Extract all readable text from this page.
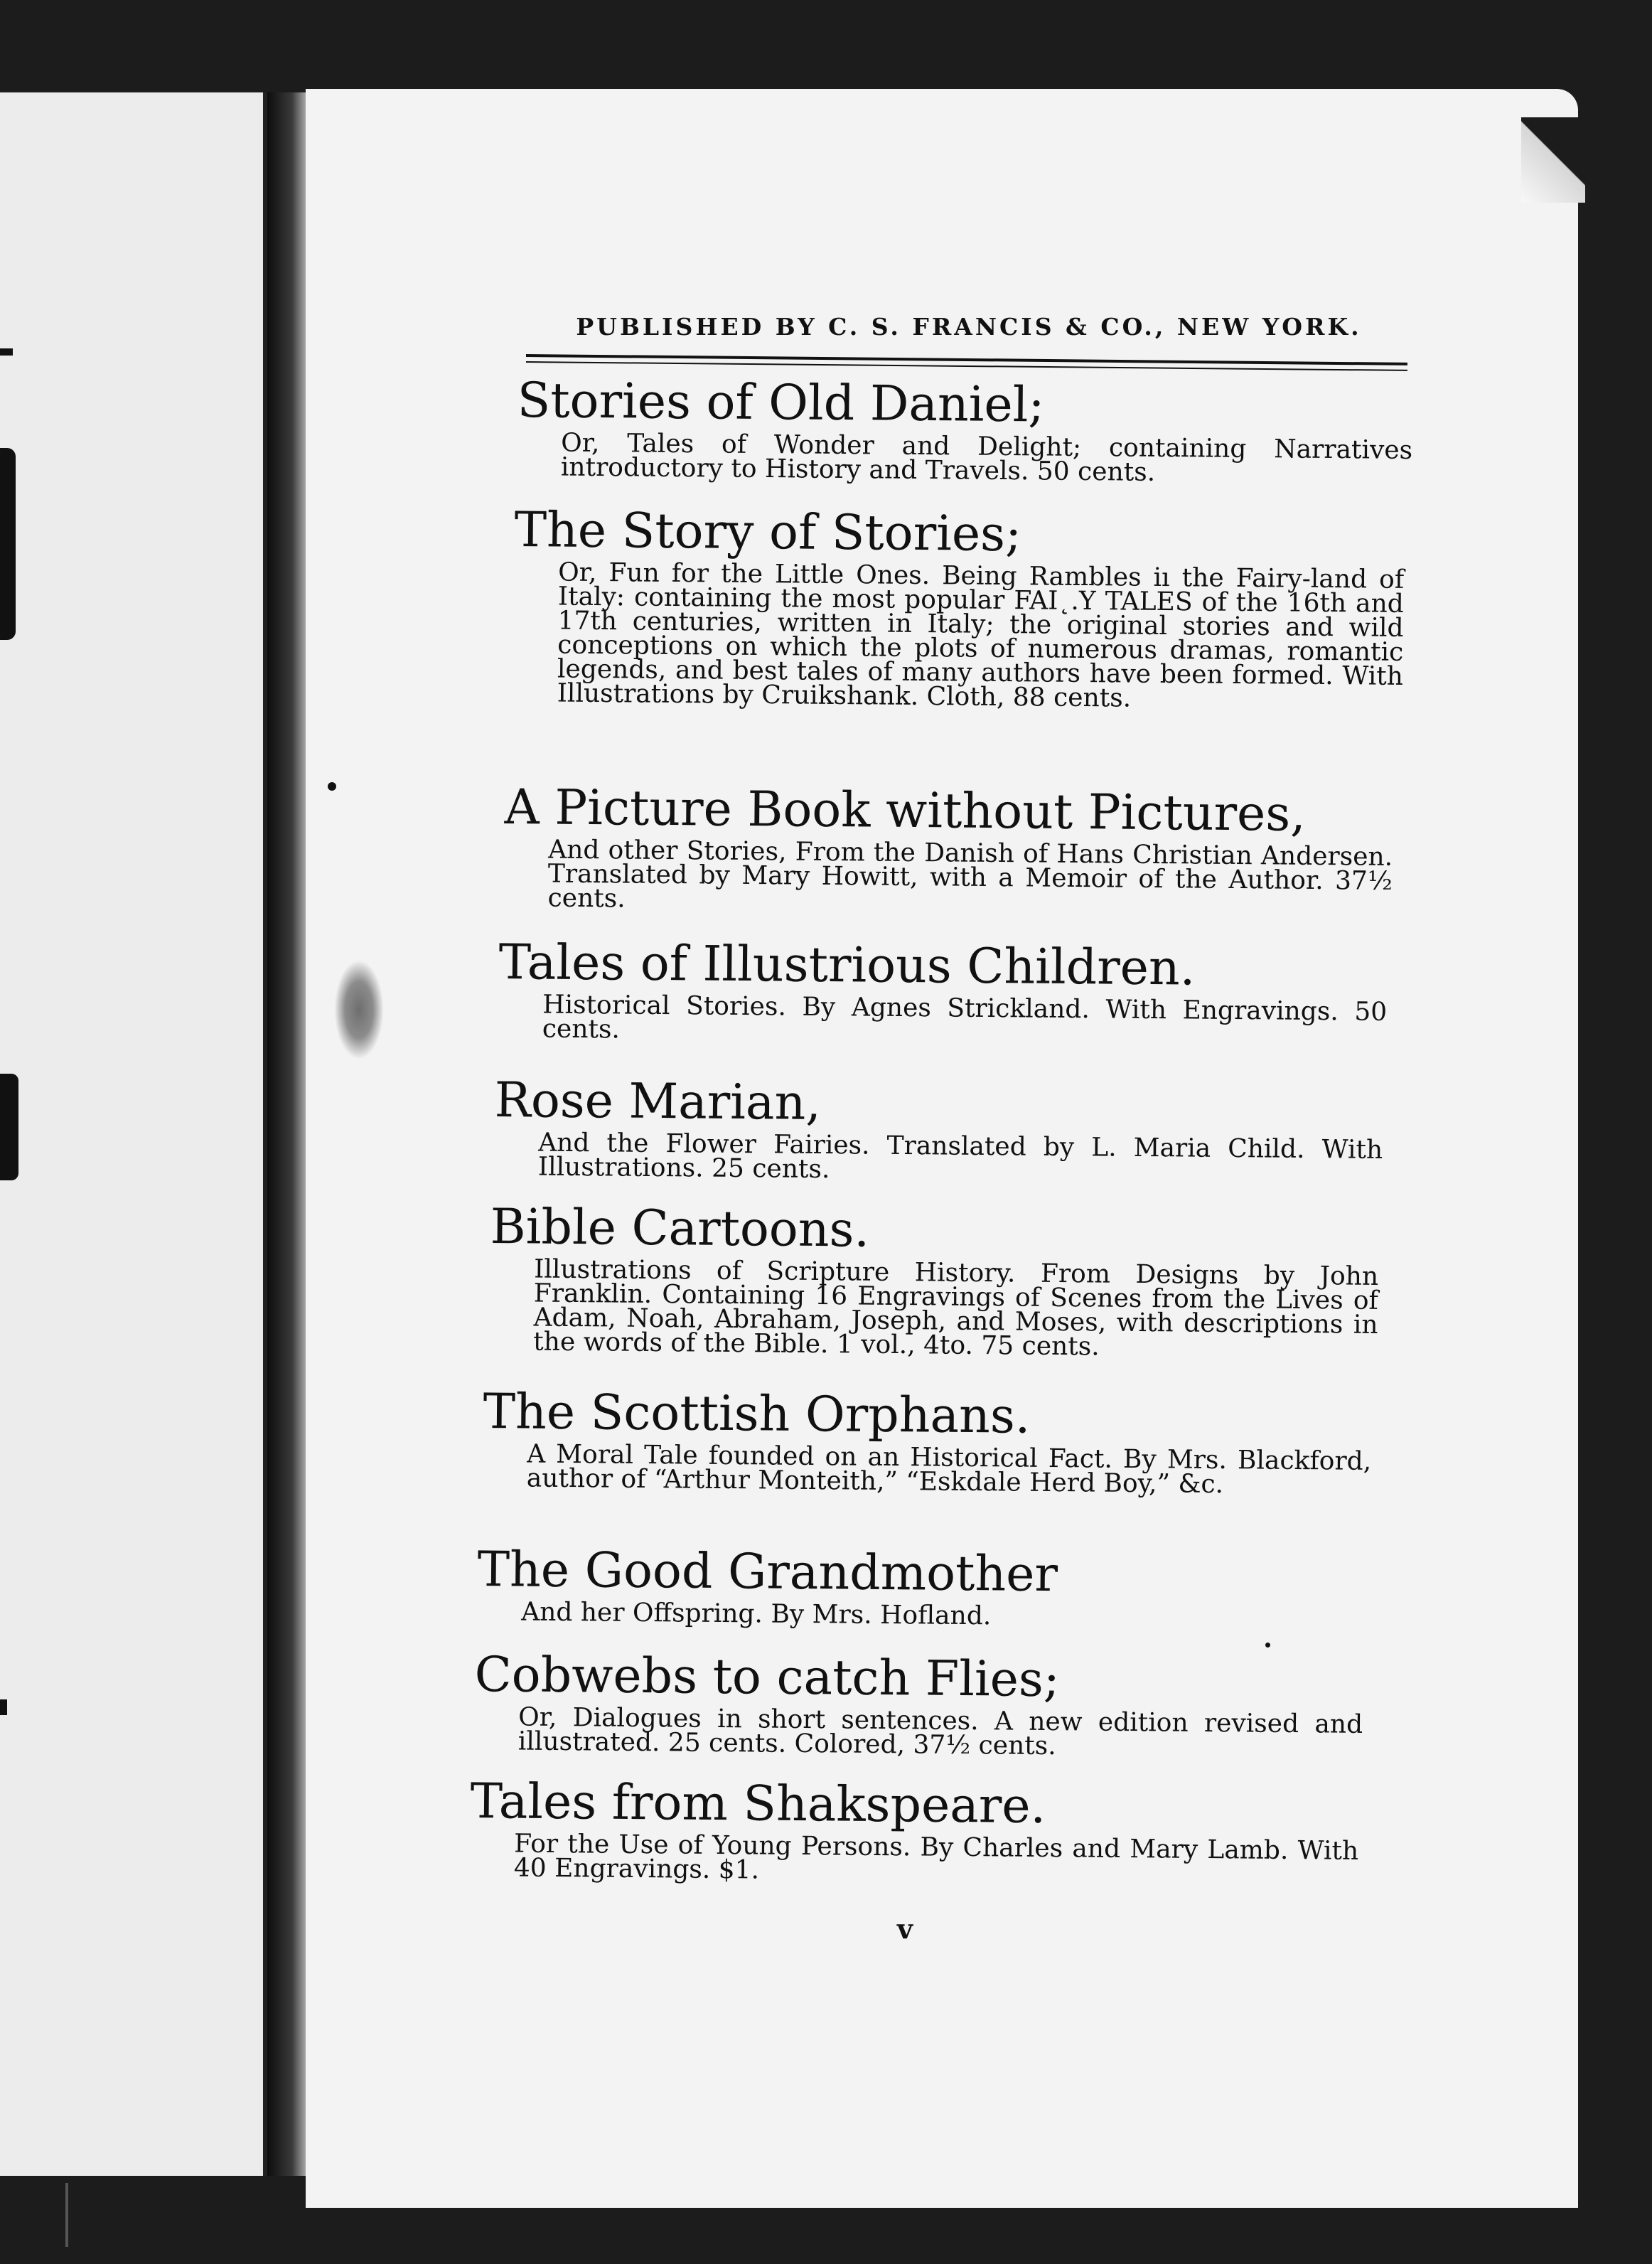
PUBLISHED BY C. S. FRANCIS & CO., NEW YORK.

Stories of Old Daniel;

Or, Tales of Wonder and Delight; containing Narratives introductory to History and Travels. 50 cents.

The Story of Stories;

Or, Fun for the Little Ones. Being Rambles iı the Fairy-land of Italy: containing the most popular FAI˛.Y TALES of the 16th and 17th centuries, written in Italy; the original stories and wild conceptions on which the plots of numerous dramas, romantic legends, and best tales of many authors have been formed. With Illustrations by Cruikshank. Cloth, 88 cents.

A Picture Book without Pictures,

And other Stories, From the Danish of Hans Christian Andersen. Translated by Mary Howitt, with a Memoir of the Author. 37½ cents.

Tales of Illustrious Children.

Historical Stories. By Agnes Strickland. With Engravings. 50 cents.

Rose Marian,

And the Flower Fairies. Translated by L. Maria Child. With Illustrations. 25 cents.

Bible Cartoons.

Illustrations of Scripture History. From Designs by John Franklin. Containing 16 Engravings of Scenes from the Lives of Adam, Noah, Abraham, Joseph, and Moses, with descriptions in the words of the Bible. 1 vol., 4to. 75 cents.

The Scottish Orphans.

A Moral Tale founded on an Historical Fact. By Mrs. Blackford, author of “Arthur Monteith,” “Eskdale Herd Boy,” &c.

The Good Grandmother

And her Offspring. By Mrs. Hofland.

Cobwebs to catch Flies;

Or, Dialogues in short sentences. A new edition revised and illustrated. 25 cents. Colored, 37½ cents.

Tales from Shakspeare.

For the Use of Young Persons. By Charles and Mary Lamb. With 40 Engravings. $1.

v
